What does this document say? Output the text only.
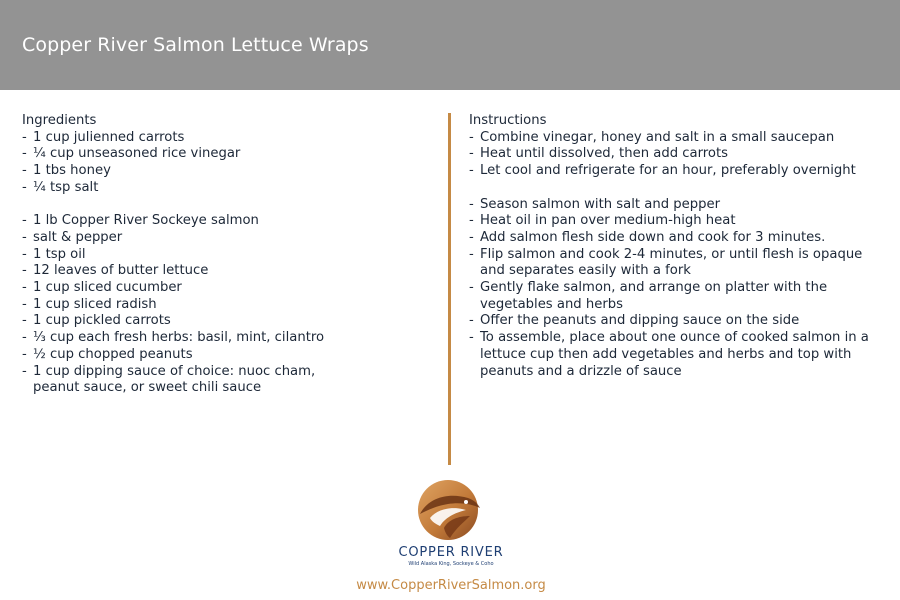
Copper River Salmon Lettuce Wraps
Ingredients
- 1 cup julienned carrots
- ¼ cup unseasoned rice vinegar
- 1 tbs honey
- ¼ tsp salt
- 1 lb Copper River Sockeye salmon
- salt & pepper
- 1 tsp oil
- 12 leaves of butter lettuce
- 1 cup sliced cucumber
- 1 cup sliced radish
- 1 cup pickled carrots
- ⅓ cup each fresh herbs: basil, mint, cilantro
- ½ cup chopped peanuts
- 1 cup dipping sauce of choice: nuoc cham, peanut sauce, or sweet chili sauce
Instructions
- Combine vinegar, honey and salt in a small saucepan
- Heat until dissolved, then add carrots
- Let cool and refrigerate for an hour, preferably overnight
- Season salmon with salt and pepper
- Heat oil in pan over medium-high heat
- Add salmon flesh side down and cook for 3 minutes.
- Flip salmon and cook 2-4 minutes, or until flesh is opaque and separates easily with a fork
- Gently flake salmon, and arrange on platter with the vegetables and herbs
- Offer the peanuts and dipping sauce on the side
- To assemble, place about one ounce of cooked salmon in a lettuce cup then add vegetables and herbs and top with peanuts and a drizzle of sauce
COPPER RIVER
Wild Alaska King, Sockeye & Coho
www.CopperRiverSalmon.org
